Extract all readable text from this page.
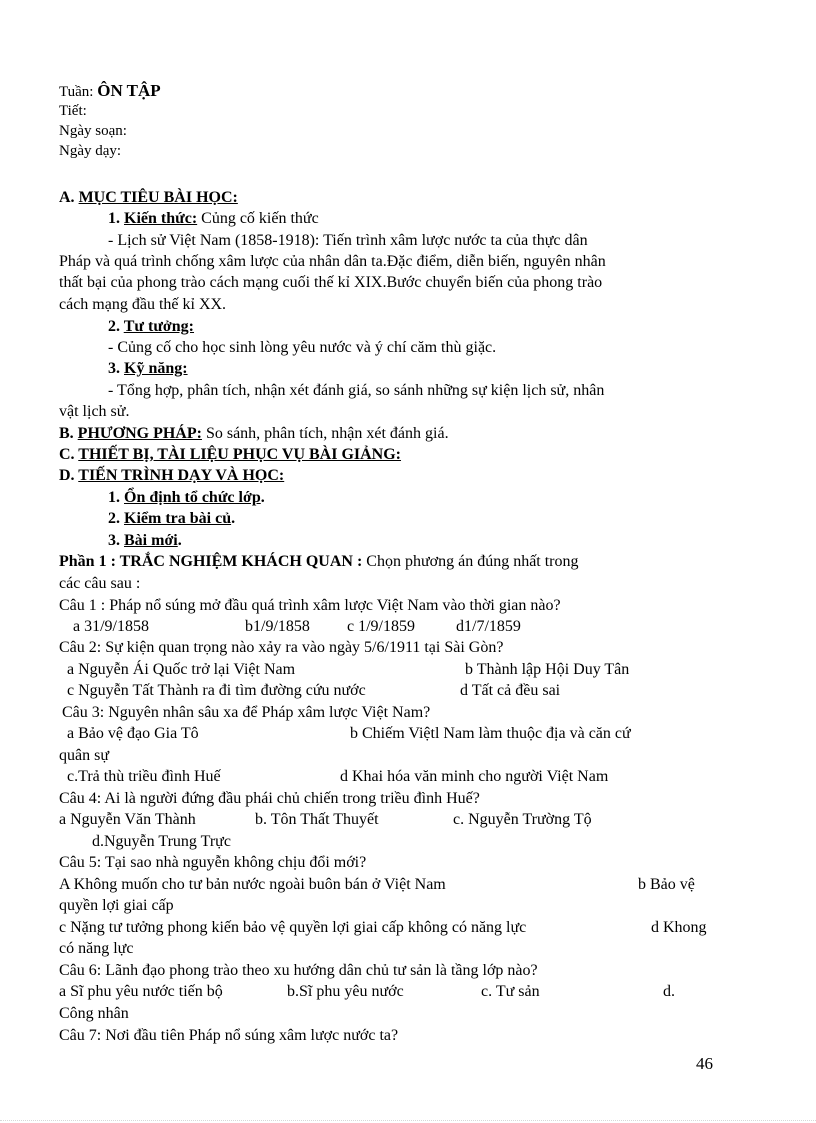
Tuần: ÔN TẬP
Tiết:
Ngày soạn:
Ngày dạy:
A. MỤC TIÊU BÀI HỌC:
1. Kiến thức: Củng cố kiến thức
- Lịch sử Việt Nam (1858-1918): Tiến trình xâm lược nước ta của thực dân
Pháp và quá trình chống xâm lược của nhân dân ta.Đặc điểm, diễn biến, nguyên nhân
thất bại của phong trào cách mạng cuối thế kỉ XIX.Bước chuyển biến của phong trào
cách mạng đầu thế kỉ XX.
2. Tư tưởng:
- Củng cố cho học sinh lòng yêu nước và ý chí căm thù giặc.
3. Kỹ năng:
- Tổng hợp, phân tích, nhận xét đánh giá, so sánh những sự kiện lịch sử, nhân
vật lịch sử.
B. PHƯƠNG PHÁP: So sánh, phân tích, nhận xét đánh giá.
C. THIẾT BỊ, TÀI LIỆU PHỤC VỤ BÀI GIẢNG:
D. TIẾN TRÌNH DẠY VÀ HỌC:
1. Ổn định tổ chức lớp.
2. Kiểm tra bài củ.
3. Bài mới.
Phần 1 : TRẮC NGHIỆM KHÁCH QUAN : Chọn phương án đúng nhất trong
các câu sau :
Câu 1 : Pháp nổ súng mở đầu quá trình xâm lược Việt Nam vào thời gian nào?
a 31/9/1858	b1/9/1858 c 1/9/1859	d1/7/1859
Câu 2: Sự kiện quan trọng nào xảy ra vào ngày 5/6/1911 tại Sài Gòn?
a Nguyễn Ái Quốc trở lại Việt Nam	b Thành lập Hội Duy Tân
c Nguyễn Tất Thành ra đi tìm đường cứu nước	d Tất cả đều sai
Câu 3: Nguyên nhân sâu xa để Pháp xâm lược Việt Nam?
a Bảo vệ đạo Gia Tô	b Chiếm Việtl Nam làm thuộc địa và căn cứ
quân sự
c.Trả thù triều đình Huế	d Khai hóa văn minh cho người Việt Nam
Câu 4: Ai là người đứng đầu phái chủ chiến trong triều đình Huế?
a Nguyễn Văn Thành	b. Tôn Thất Thuyết	c. Nguyễn Trường Tộ
d.Nguyễn Trung Trực
Câu 5: Tại sao nhà nguyễn không chịu đổi mới?
A Không muốn cho tư bản nước ngoài buôn bán ở Việt Nam	b Bảo vệ
quyền lợi giai cấp
c Nặng tư tưởng phong kiến bảo vệ quyền lợi giai cấp không có năng lực	d Khong
có năng lực
Câu 6: Lãnh đạo phong trào theo xu hướng dân chủ tư sản là tầng lớp nào?
a Sĩ phu yêu nước tiến bộ	b.Sĩ phu yêu nước	c. Tư sản	d.
Công nhân
Câu 7: Nơi đầu tiên Pháp nổ súng xâm lược nước ta?
46
